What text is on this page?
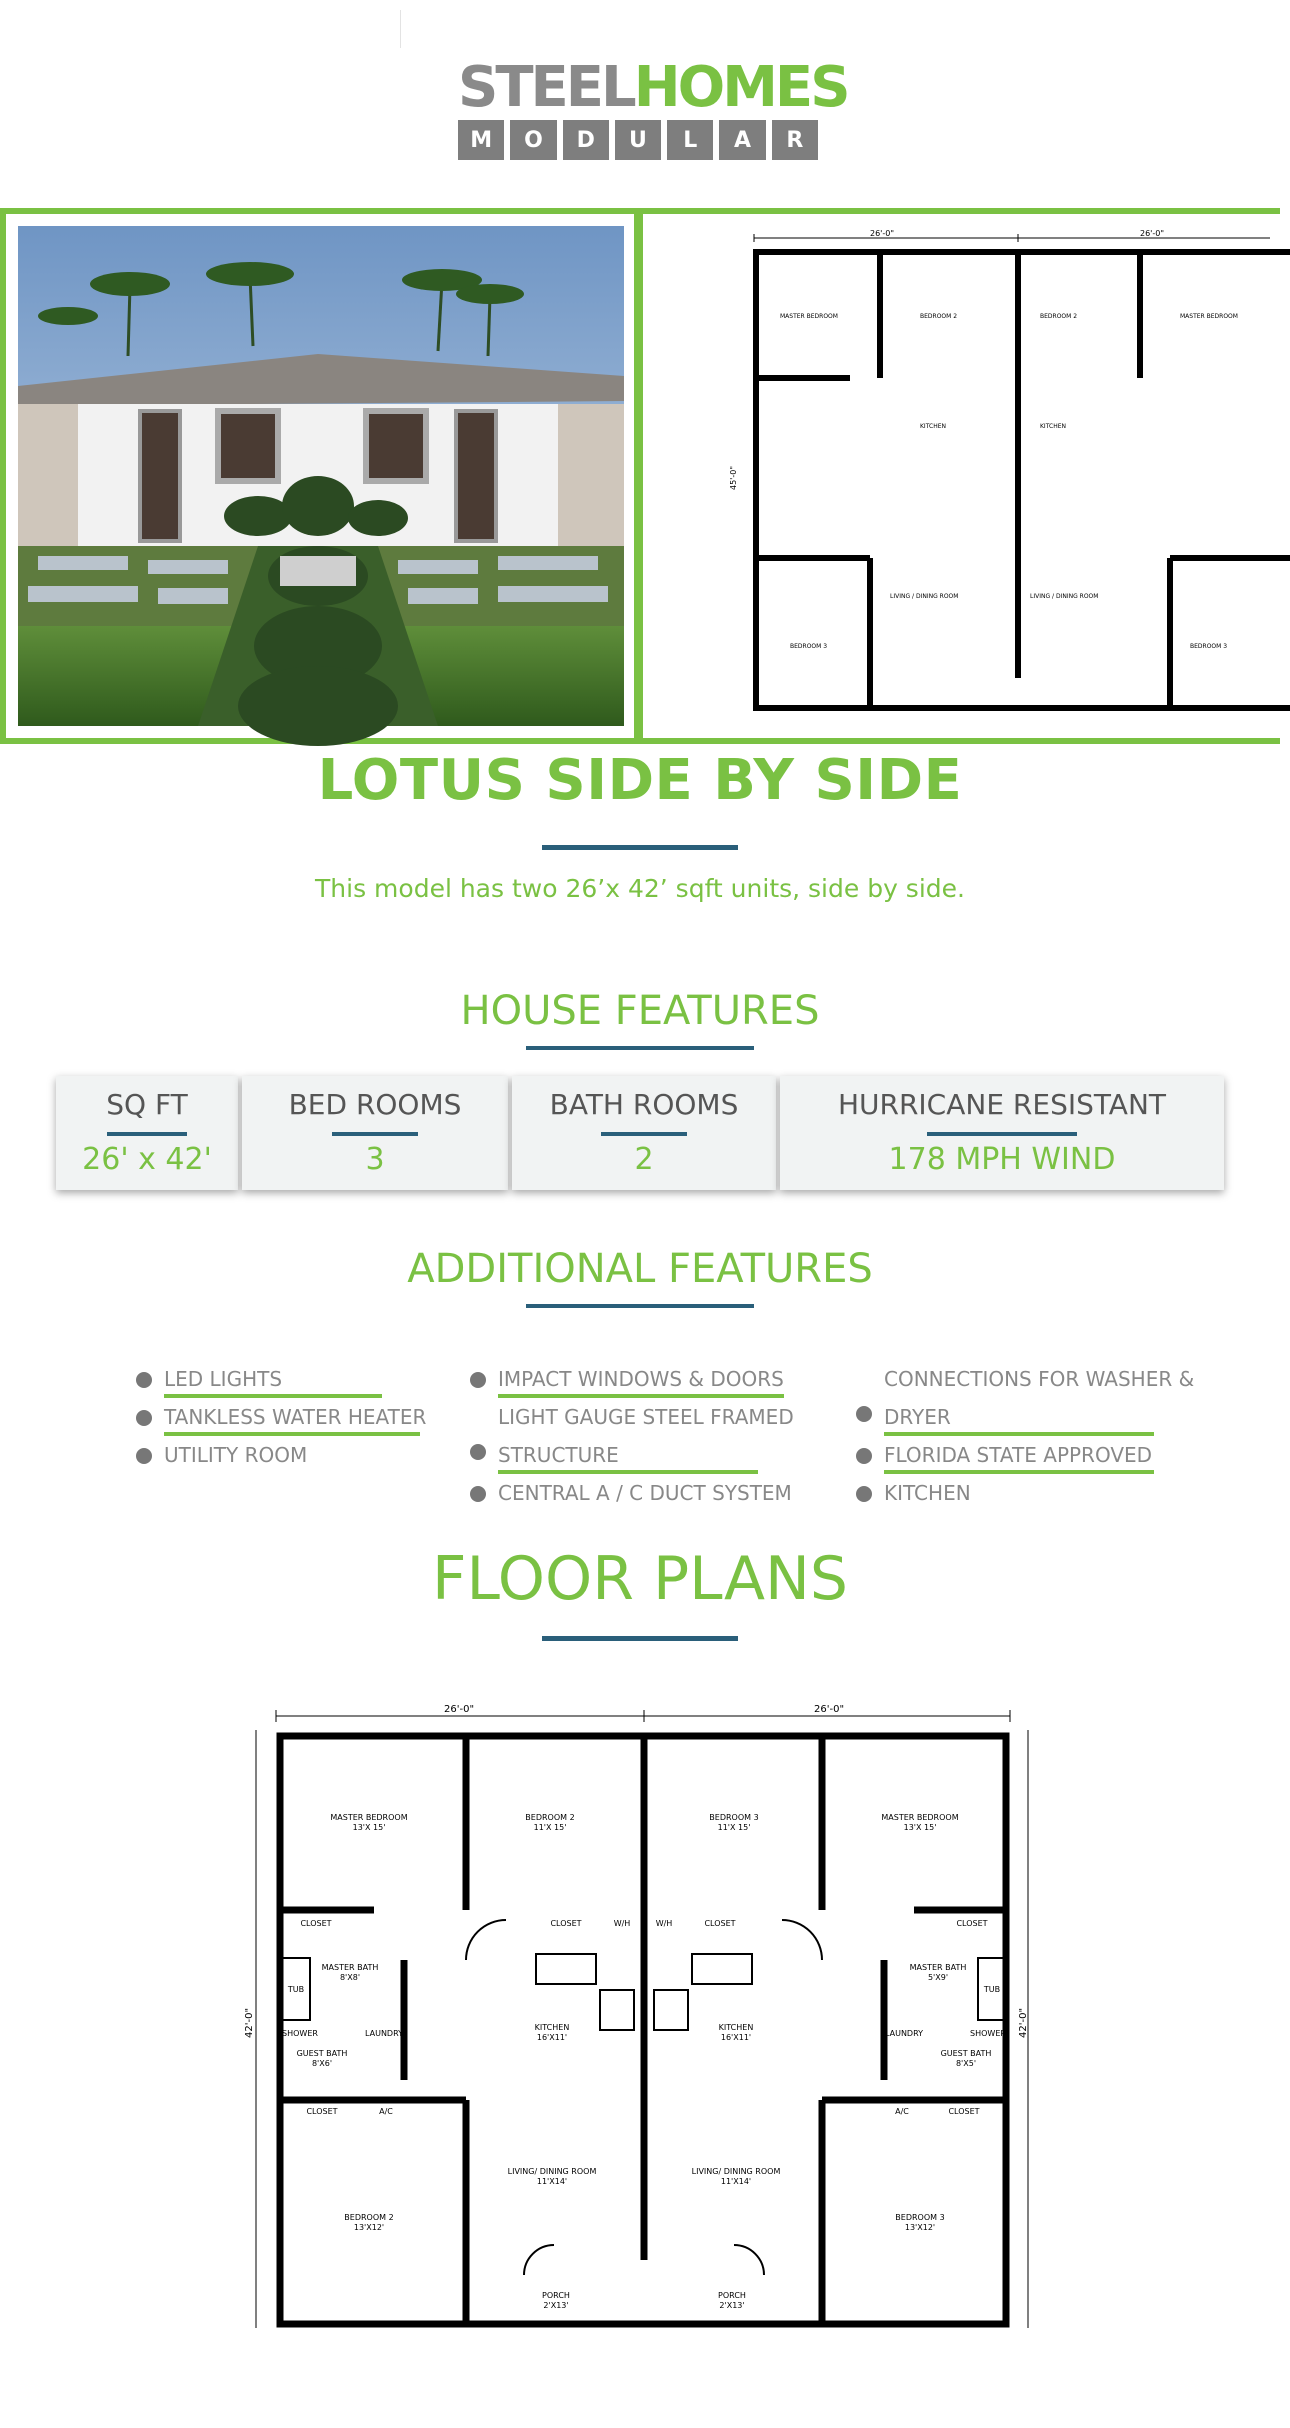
STEELHOMES
M	O	D	U	L	A	R
26'-0"	26'-0"
45'-0"
MASTER BEDROOM	BEDROOM 2
KITCHEN
BEDROOM 3
LIVING / DINING ROOM
BEDROOM 2	MASTER BEDROOM
KITCHEN
BEDROOM 3
LIVING / DINING ROOM
LOTUS SIDE BY SIDE

This model has two 26’x 42’ sqft units, side by side.

HOUSE FEATURES
SQ FT
26' x 42'
BED ROOMS
3
BATH ROOMS
2
HURRICANE RESISTANT
178 MPH WIND
ADDITIONAL FEATURES
LED LIGHTS
TANKLESS WATER HEATER
UTILITY ROOM
IMPACT WINDOWS & DOORS
LIGHT GAUGE STEEL FRAMED
STRUCTURE
CENTRAL A / C DUCT SYSTEM
CONNECTIONS FOR WASHER &
DRYER
FLORIDA STATE APPROVED
KITCHEN
FLOOR PLANS
26'-0"	26'-0"
42'-0"	42'-0"
MASTER BEDROOM
13'X 15'
BEDROOM 2
11'X 15'
CLOSET	CLOSET	W/H
MASTER BATH
8'X8'
TUB
SHOWER	LAUNDRY
GUEST BATH
8'X6'
CLOSET	A/C
KITCHEN
16'X11'
LIVING/ DINING ROOM
11'X14'
BEDROOM 2
13'X12'
PORCH
2'X13'
BEDROOM 3
11'X 15'
MASTER BEDROOM
13'X 15'
W/H	CLOSET	CLOSET
MASTER BATH
5'X9'
TUB
LAUNDRY	SHOWER
GUEST BATH
8'X5'
A/C	CLOSET
KITCHEN
16'X11'
LIVING/ DINING ROOM
11'X14'
BEDROOM 3
13'X12'
PORCH
2'X13'
